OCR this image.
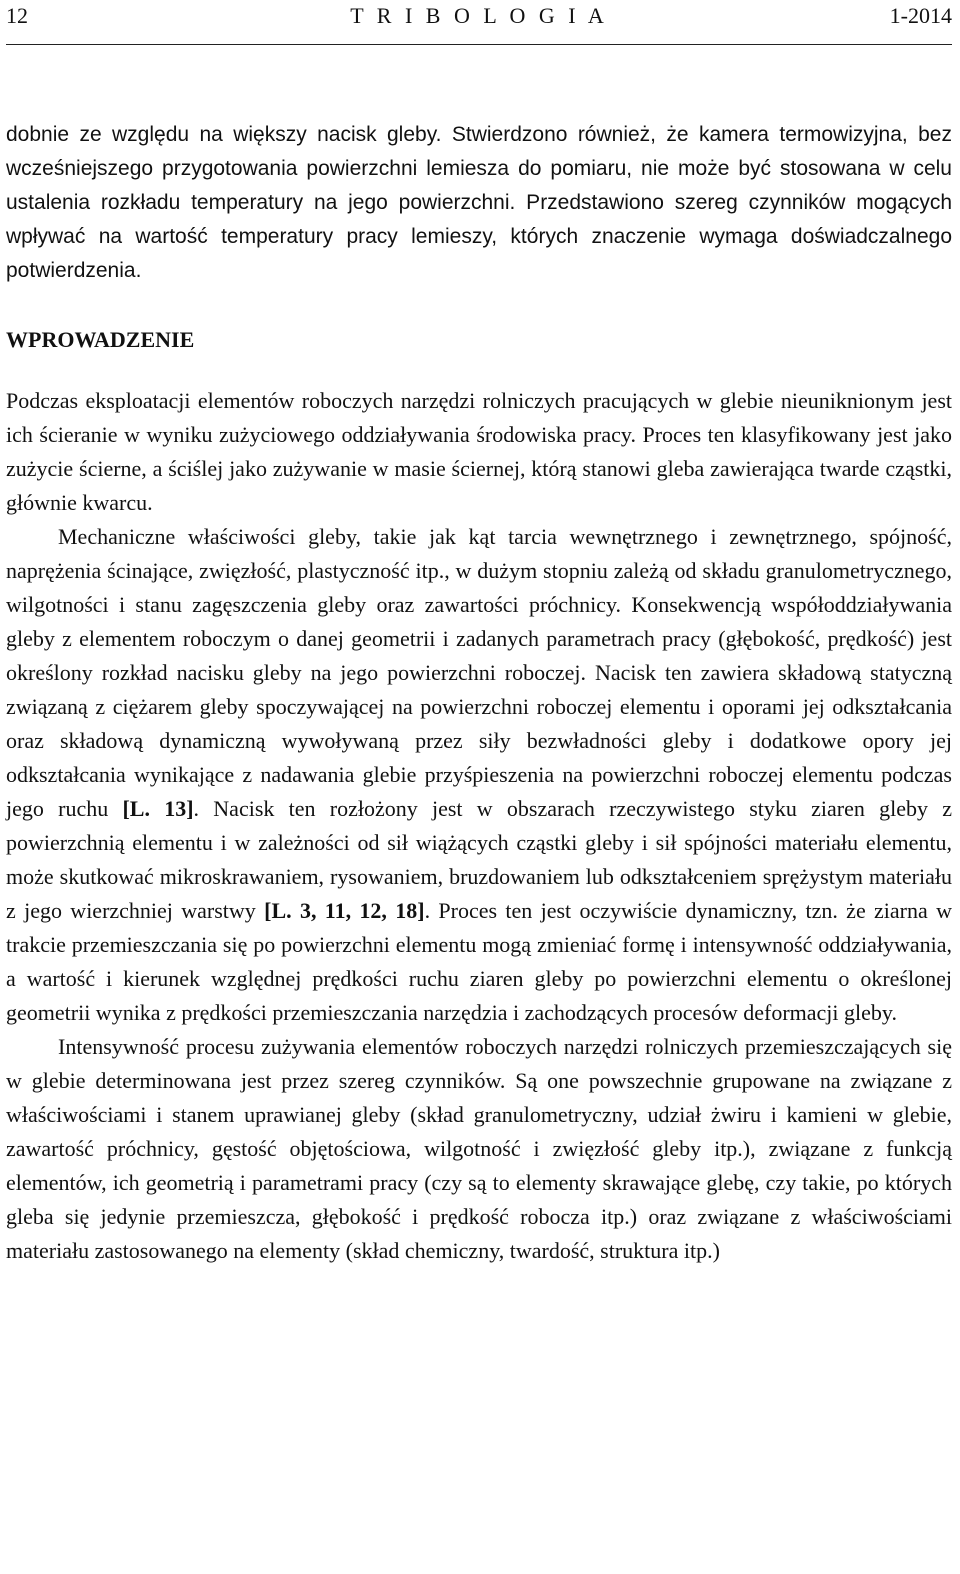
12	T R I B O L O G I A	1-2014

dobnie ze względu na większy nacisk gleby. Stwierdzono również, że kamera termowizyjna, bez wcześniejszego przygotowania powierzchni lemiesza do pomiaru, nie może być stosowana w celu ustalenia rozkładu temperatury na jego powierzchni. Przedstawiono szereg czynników mogących wpływać na wartość temperatury pracy lemieszy, których znaczenie wymaga doświadczalnego potwierdzenia.

WPROWADZENIE

Podczas eksploatacji elementów roboczych narzędzi rolniczych pracujących w glebie nieuniknionym jest ich ścieranie w wyniku zużyciowego oddziaływania środowiska pracy. Proces ten klasyfikowany jest jako zużycie ścierne, a ściślej jako zużywanie w masie ściernej, którą stanowi gleba zawierająca twarde cząstki, głównie kwarcu.

Mechaniczne właściwości gleby, takie jak kąt tarcia wewnętrznego i zewnętrznego, spójność, naprężenia ścinające, zwięzłość, plastyczność itp., w dużym stopniu zależą od składu granulometrycznego, wilgotności i stanu zagęszczenia gleby oraz zawartości próchnicy. Konsekwencją współoddziaływania gleby z elementem roboczym o danej geometrii i zadanych parametrach pracy (głębokość, prędkość) jest określony rozkład nacisku gleby na jego powierzchni roboczej. Nacisk ten zawiera składową statyczną związaną z ciężarem gleby spoczywającej na powierzchni roboczej elementu i oporami jej odkształcania oraz składową dynamiczną wywoływaną przez siły bezwładności gleby i dodatkowe opory jej odkształcania wynikające z nadawania glebie przyśpieszenia na powierzchni roboczej elementu podczas jego ruchu [L. 13]. Nacisk ten rozłożony jest w obszarach rzeczywistego styku ziaren gleby z powierzchnią elementu i w zależności od sił wiążących cząstki gleby i sił spójności materiału elementu, może skutkować mikroskrawaniem, rysowaniem, bruzdowaniem lub odkształceniem sprężystym materiału z jego wierzchniej warstwy [L. 3, 11, 12, 18]. Proces ten jest oczywiście dynamiczny, tzn. że ziarna w trakcie przemieszczania się po powierzchni elementu mogą zmieniać formę i intensywność oddziaływania, a wartość i kierunek względnej prędkości ruchu ziaren gleby po powierzchni elementu o określonej geometrii wynika z prędkości przemieszczania narzędzia i zachodzących procesów deformacji gleby.

Intensywność procesu zużywania elementów roboczych narzędzi rolniczych przemieszczających się w glebie determinowana jest przez szereg czynników. Są one powszechnie grupowane na związane z właściwościami i stanem uprawianej gleby (skład granulometryczny, udział żwiru i kamieni w glebie, zawartość próchnicy, gęstość objętościowa, wilgotność i zwięzłość gleby itp.), związane z funkcją elementów, ich geometrią i parametrami pracy (czy są to elementy skrawające glebę, czy takie, po których gleba się jedynie przemieszcza, głębokość i prędkość robocza itp.) oraz związane z właściwościami materiału zastosowanego na elementy (skład chemiczny, twardość, struktura itp.)
